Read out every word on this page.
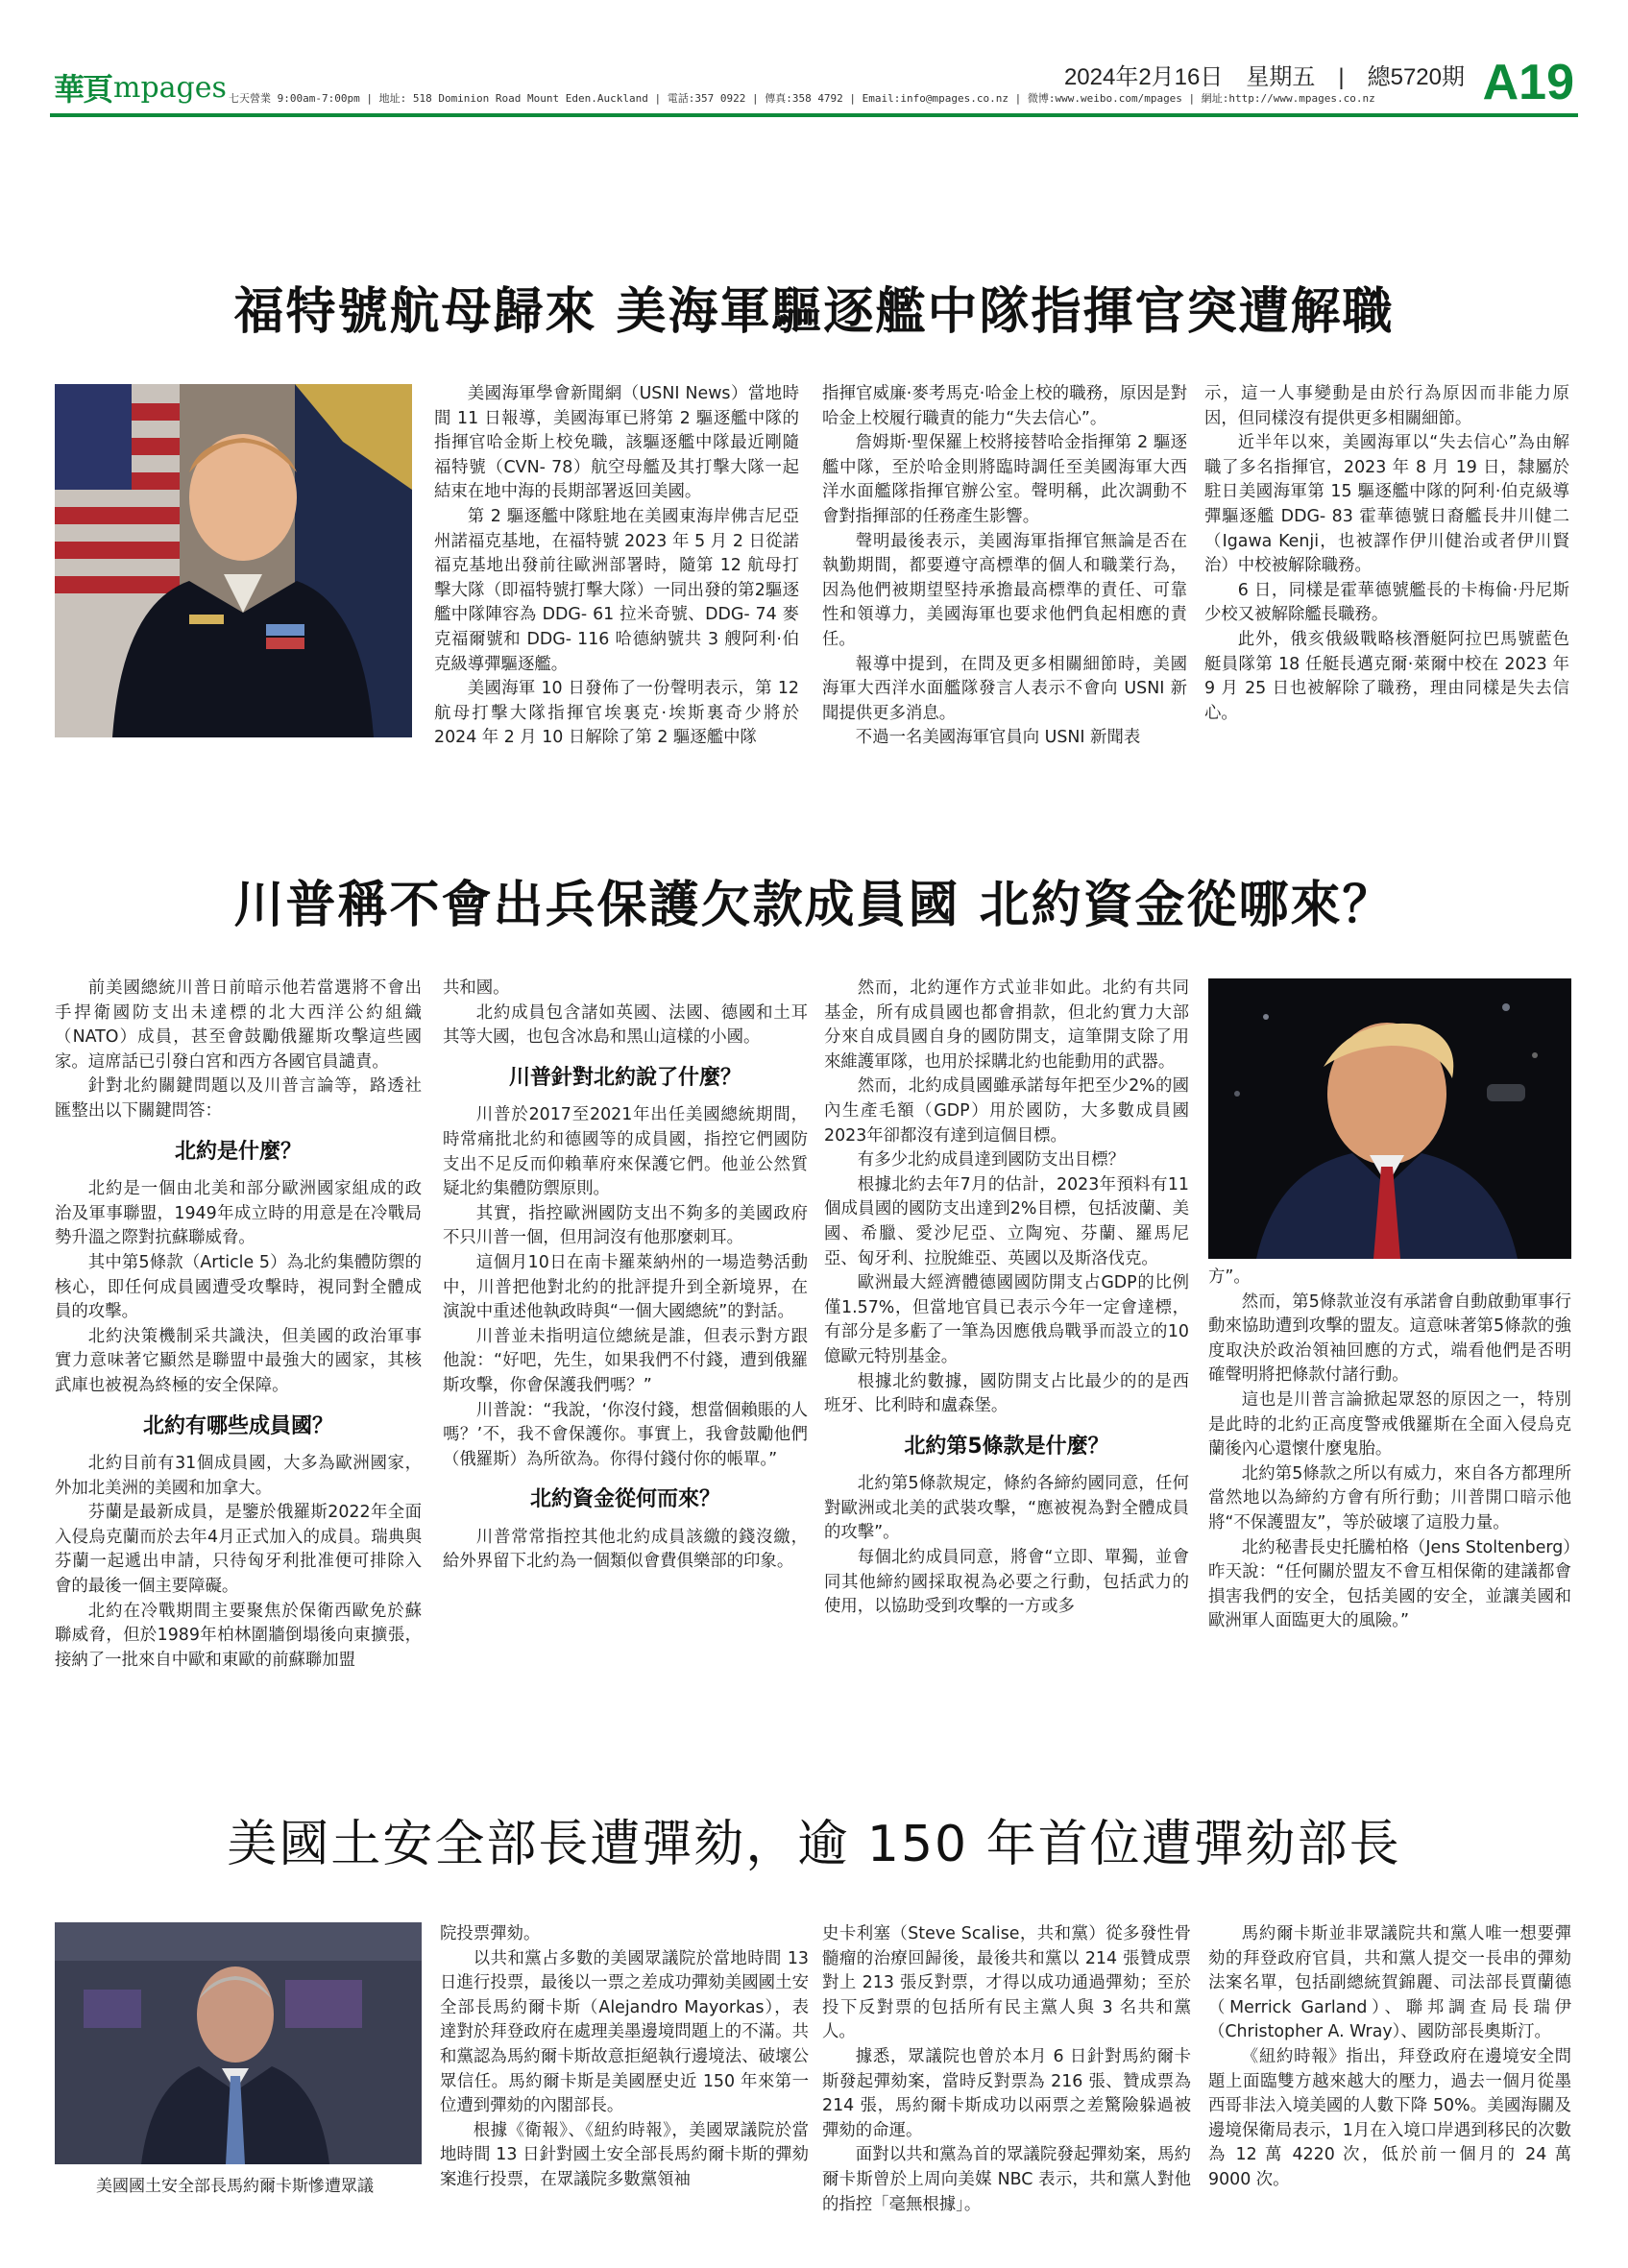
華頁 mpages 七天營業 9:00am-7:00pm | 地址: 518 Dominion Road Mount Eden.Auckland | 電話:357 0922 | 傳真:358 4792 | Email:info@mpages.co.nz | 微博:www.weibo.com/mpages | 網址:http://www.mpages.co.nz
2024年2月16日　星期五　|　總5720期 A19
福特號航母歸來 美海軍驅逐艦中隊指揮官突遭解職

美國海軍學會新聞網（USNI News）當地時間 11 日報導，美國海軍已將第 2 驅逐艦中隊的指揮官哈金斯上校免職，該驅逐艦中隊最近剛隨福特號（CVN- 78）航空母艦及其打擊大隊一起結束在地中海的長期部署返回美國。

第 2 驅逐艦中隊駐地在美國東海岸佛吉尼亞州諾福克基地，在福特號 2023 年 5 月 2 日從諾福克基地出發前往歐洲部署時，隨第 12 航母打擊大隊（即福特號打擊大隊）一同出發的第2驅逐艦中隊陣容為 DDG- 61 拉米奇號、DDG- 74 麥克福爾號和 DDG- 116 哈德納號共 3 艘阿利·伯克級導彈驅逐艦。

美國海軍 10 日發佈了一份聲明表示，第 12 航母打擊大隊指揮官埃裏克·埃斯裏奇少將於 2024 年 2 月 10 日解除了第 2 驅逐艦中隊

指揮官威廉·麥考馬克·哈金上校的職務，原因是對哈金上校履行職責的能力“失去信心”。

詹姆斯·聖保羅上校將接替哈金指揮第 2 驅逐艦中隊，至於哈金則將臨時調任至美國海軍大西洋水面艦隊指揮官辦公室。聲明稱，此次調動不會對指揮部的任務產生影響。

聲明最後表示，美國海軍指揮官無論是否在執勤期間，都要遵守高標準的個人和職業行為，因為他們被期望堅持承擔最高標準的責任、可靠性和領導力，美國海軍也要求他們負起相應的責任。

報導中提到，在問及更多相關細節時，美國海軍大西洋水面艦隊發言人表示不會向 USNI 新聞提供更多消息。

不過一名美國海軍官員向 USNI 新聞表

示，這一人事變動是由於行為原因而非能力原因，但同樣沒有提供更多相關細節。

近半年以來，美國海軍以“失去信心”為由解職了多名指揮官，2023 年 8 月 19 日，隸屬於駐日美國海軍第 15 驅逐艦中隊的阿利·伯克級導彈驅逐艦 DDG- 83 霍華德號日裔艦長井川健二（Igawa Kenji，也被譯作伊川健治或者伊川賢治）中校被解除職務。

6 日，同樣是霍華德號艦長的卡梅倫·丹尼斯少校又被解除艦長職務。

此外，俄亥俄級戰略核潛艇阿拉巴馬號藍色艇員隊第 18 任艇長邁克爾·萊爾中校在 2023 年 9 月 25 日也被解除了職務，理由同樣是失去信心。

川普稱不會出兵保護欠款成員國 北約資金從哪來？

前美國總統川普日前暗示他若當選將不會出手捍衛國防支出未達標的北大西洋公約組織（NATO）成員，甚至會鼓勵俄羅斯攻擊這些國家。這席話已引發白宮和西方各國官員譴責。

針對北約關鍵問題以及川普言論等，路透社匯整出以下關鍵問答：

北約是什麼？

北約是一個由北美和部分歐洲國家組成的政治及軍事聯盟，1949年成立時的用意是在冷戰局勢升溫之際對抗蘇聯威脅。

其中第5條款（Article 5）為北約集體防禦的核心，即任何成員國遭受攻擊時，視同對全體成員的攻擊。

北約決策機制采共識決，但美國的政治軍事實力意味著它顯然是聯盟中最強大的國家，其核武庫也被視為終極的安全保障。

北約有哪些成員國？

北約目前有31個成員國，大多為歐洲國家，外加北美洲的美國和加拿大。

芬蘭是最新成員，是鑒於俄羅斯2022年全面入侵烏克蘭而於去年4月正式加入的成員。瑞典與芬蘭一起遞出申請，只待匈牙利批准便可排除入會的最後一個主要障礙。

北約在冷戰期間主要聚焦於保衛西歐免於蘇聯威脅，但於1989年柏林圍牆倒塌後向東擴張，接納了一批來自中歐和東歐的前蘇聯加盟

共和國。

北約成員包含諸如英國、法國、德國和土耳其等大國，也包含冰島和黑山這樣的小國。

川普針對北約說了什麼？

川普於2017至2021年出任美國總統期間，時常痛批北約和德國等的成員國，指控它們國防支出不足反而仰賴華府來保護它們。他並公然質疑北約集體防禦原則。

其實，指控歐洲國防支出不夠多的美國政府不只川普一個，但用詞沒有他那麼刺耳。

這個月10日在南卡羅萊納州的一場造勢活動中，川普把他對北約的批評提升到全新境界，在演說中重述他執政時與“一個大國總統”的對話。

川普並未指明這位總統是誰，但表示對方跟他說：“好吧，先生，如果我們不付錢，遭到俄羅斯攻擊，你會保護我們嗎？”

川普說：“我說，‘你沒付錢，想當個賴賬的人嗎？’不，我不會保護你。事實上，我會鼓勵他們（俄羅斯）為所欲為。你得付錢付你的帳單。”

北約資金從何而來？

川普常常指控其他北約成員該繳的錢沒繳，給外界留下北約為一個類似會費俱樂部的印象。

然而，北約運作方式並非如此。北約有共同基金，所有成員國也都會捐款，但北約實力大部分來自成員國自身的國防開支，這筆開支除了用來維護軍隊，也用於採購北約也能動用的武器。

然而，北約成員國雖承諾每年把至少2%的國內生產毛額（GDP）用於國防，大多數成員國2023年卻都沒有達到這個目標。

有多少北約成員達到國防支出目標？

根據北約去年7月的估計，2023年預料有11個成員國的國防支出達到2%目標，包括波蘭、美國、希臘、愛沙尼亞、立陶宛、芬蘭、羅馬尼亞、匈牙利、拉脫維亞、英國以及斯洛伐克。

歐洲最大經濟體德國國防開支占GDP的比例僅1.57%，但當地官員已表示今年一定會達標，有部分是多虧了一筆為因應俄烏戰爭而設立的10億歐元特別基金。

根據北約數據，國防開支占比最少的的是西班牙、比利時和盧森堡。

北約第5條款是什麼？

北約第5條款規定，條約各締約國同意，任何對歐洲或北美的武裝攻擊，“應被視為對全體成員的攻擊”。

每個北約成員同意，將會“立即、單獨，並會同其他締約國採取視為必要之行動，包括武力的使用，以協助受到攻擊的一方或多

方”。

然而，第5條款並沒有承諾會自動啟動軍事行動來協助遭到攻擊的盟友。這意味著第5條款的強度取決於政治領袖回應的方式，端看他們是否明確聲明將把條款付諸行動。

這也是川普言論掀起眾怒的原因之一，特別是此時的北約正高度警戒俄羅斯在全面入侵烏克蘭後內心還懷什麼鬼胎。

北約第5條款之所以有威力，來自各方都理所當然地以為締約方會有所行動；川普開口暗示他將“不保護盟友”，等於破壞了這股力量。

北約秘書長史托騰柏格（Jens Stoltenberg）昨天說：“任何關於盟友不會互相保衛的建議都會損害我們的安全，包括美國的安全，並讓美國和歐洲軍人面臨更大的風險。”

美國土安全部長遭彈劾，逾 150 年首位遭彈劾部長
美國國土安全部長馬約爾卡斯慘遭眾議

院投票彈劾。

以共和黨占多數的美國眾議院於當地時間 13 日進行投票，最後以一票之差成功彈劾美國國土安全部長馬約爾卡斯（Alejandro Mayorkas），表達對於拜登政府在處理美墨邊境問題上的不滿。共和黨認為馬約爾卡斯故意拒絕執行邊境法、破壞公眾信任。馬約爾卡斯是美國歷史近 150 年來第一位遭到彈劾的內閣部長。

根據《衛報》、《紐約時報》，美國眾議院於當地時間 13 日針對國土安全部長馬約爾卡斯的彈劾案進行投票，在眾議院多數黨領袖

史卡利塞（Steve Scalise，共和黨）從多發性骨髓瘤的治療回歸後，最後共和黨以 214 張贊成票對上 213 張反對票，才得以成功通過彈劾；至於投下反對票的包括所有民主黨人與 3 名共和黨人。

據悉，眾議院也曾於本月 6 日針對馬約爾卡斯發起彈劾案，當時反對票為 216 張、贊成票為 214 張，馬約爾卡斯成功以兩票之差驚險躲過被彈劾的命運。

面對以共和黨為首的眾議院發起彈劾案，馬約爾卡斯曾於上周向美媒 NBC 表示，共和黨人對他的指控「毫無根據」。

馬約爾卡斯並非眾議院共和黨人唯一想要彈劾的拜登政府官員，共和黨人提交一長串的彈劾法案名單，包括副總統賀錦麗、司法部長賈蘭德（Merrick Garland）、聯邦調查局長瑞伊（Christopher A. Wray）、國防部長奧斯汀。

《紐約時報》指出，拜登政府在邊境安全問題上面臨雙方越來越大的壓力，過去一個月從墨西哥非法入境美國的人數下降 50%。美國海關及邊境保衛局表示，1月在入境口岸遇到移民的次數為 12 萬 4220 次，低於前一個月的 24 萬 9000 次。
